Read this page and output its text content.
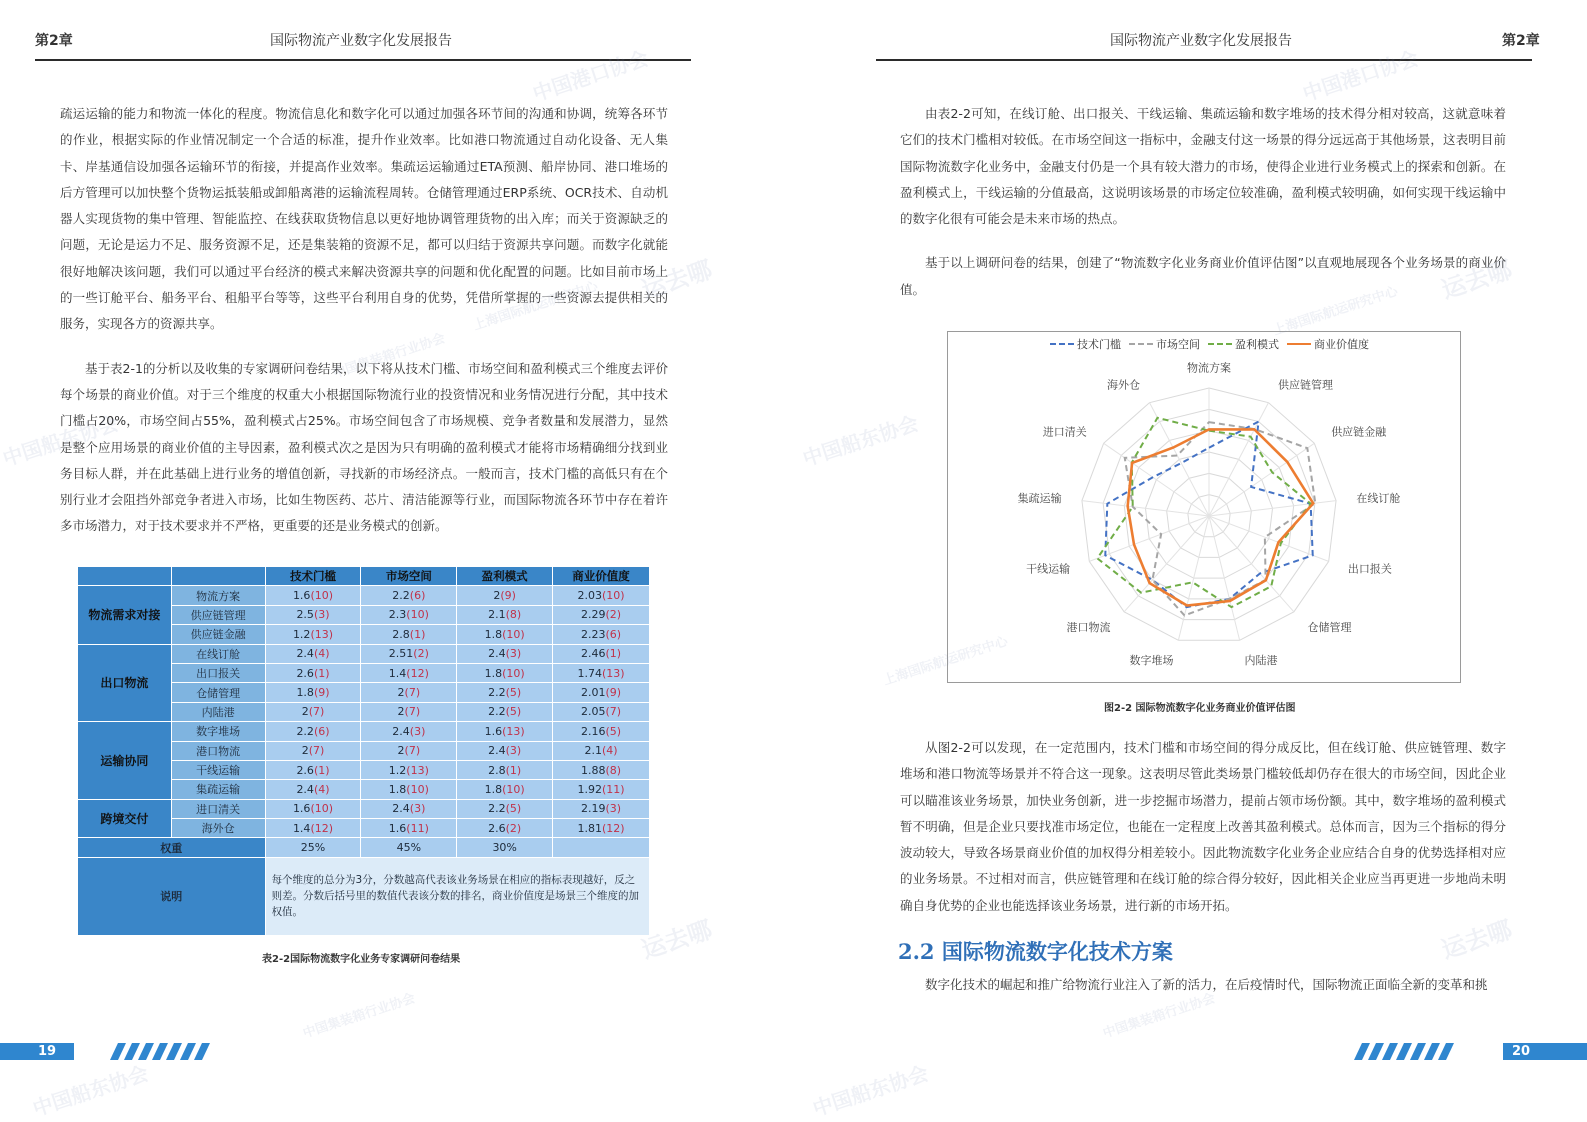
第2章	国际物流产业数字化发展报告

疏运运输的能力和物流一体化的程度。物流信息化和数字化可以通过加强各环节间的沟通和协调，统筹各环节的作业，根据实际的作业情况制定一个合适的标准，提升作业效率。比如港口物流通过自动化设备、无人集卡、岸基通信设加强各运输环节的衔接，并提高作业效率。集疏运运输通过ETA预测、船岸协同、港口堆场的后方管理可以加快整个货物运抵装船或卸船离港的运输流程周转。仓储管理通过ERP系统、OCR技术、自动机器人实现货物的集中管理、智能监控、在线获取货物信息以更好地协调管理货物的出入库；而关于资源缺乏的问题，无论是运力不足、服务资源不足，还是集装箱的资源不足，都可以归结于资源共享问题。而数字化就能很好地解决该问题，我们可以通过平台经济的模式来解决资源共享的问题和优化配置的问题。比如目前市场上的一些订舱平台、船务平台、租船平台等等，这些平台利用自身的优势，凭借所掌握的一些资源去提供相关的服务，实现各方的资源共享。

基于表2-1的分析以及收集的专家调研问卷结果，以下将从技术门槛、市场空间和盈利模式三个维度去评价每个场景的商业价值。对于三个维度的权重大小根据国际物流行业的投资情况和业务情况进行分配，其中技术门槛占20%，市场空间占55%，盈利模式占25%。市场空间包含了市场规模、竞争者数量和发展潜力，显然是整个应用场景的商业价值的主导因素，盈利模式次之是因为只有明确的盈利模式才能将市场精确细分找到业务目标人群，并在此基础上进行业务的增值创新，寻找新的市场经济点。一般而言，技术门槛的高低只有在个别行业才会阻挡外部竞争者进入市场，比如生物医药、芯片、清洁能源等行业，而国际物流各环节中存在着许多市场潜力，对于技术要求并不严格，更重要的还是业务模式的创新。

		技术门槛	市场空间	盈利模式	商业价值度
物流需求对接	物流方案	1.6(10)	2.2(6)	2(9)	2.03(10)
	供应链管理	2.5(3)	2.3(10)	2.1(8)	2.29(2)
	供应链金融	1.2(13)	2.8(1)	1.8(10)	2.23(6)
出口物流	在线订舱	2.4(4)	2.51(2)	2.4(3)	2.46(1)
	出口报关	2.6(1)	1.4(12)	1.8(10)	1.74(13)
	仓储管理	1.8(9)	2(7)	2.2(5)	2.01(9)
	内陆港	2(7)	2(7)	2.2(5)	2.05(7)
运输协同	数字堆场	2.2(6)	2.4(3)	1.6(13)	2.16(5)
	港口物流	2(7)	2(7)	2.4(3)	2.1(4)
	干线运输	2.6(1)	1.2(13)	2.8(1)	1.88(8)
	集疏运输	2.4(4)	1.8(10)	1.8(10)	1.92(11)
跨境交付	进口清关	1.6(10)	2.4(3)	2.2(5)	2.19(3)
	海外仓	1.4(12)	1.6(11)	2.6(2)	1.81(12)
权重		25%	45%	30%	
说明		每个维度的总分为3分，分数越高代表该业务场景在相应的指标表现越好，反之则差。分数后括号里的数值代表该分数的排名，商业价值度是场景三个维度的加权值。			
表2-2国际物流数字化业务专家调研问卷结果
19
国际物流产业数字化发展报告	第2章

由表2-2可知，在线订舱、出口报关、干线运输、集疏运输和数字堆场的技术得分相对较高，这就意味着它们的技术门槛相对较低。在市场空间这一指标中，金融支付这一场景的得分远远高于其他场景，这表明目前国际物流数字化业务中，金融支付仍是一个具有较大潜力的市场，使得企业进行业务模式上的探索和创新。在盈利模式上，干线运输的分值最高，这说明该场景的市场定位较准确，盈利模式较明确，如何实现干线运输中的数字化很有可能会是未来市场的热点。

基于以上调研问卷的结果，创建了“物流数字化业务商业价值评估图”以直观地展现各个业务场景的商业价值。

图2-2 国际物流数字化业务商业价值评估图

从图2-2可以发现，在一定范围内，技术门槛和市场空间的得分成反比，但在线订舱、供应链管理、数字堆场和港口物流等场景并不符合这一现象。这表明尽管此类场景门槛较低却仍存在很大的市场空间，因此企业可以瞄准该业务场景，加快业务创新，进一步挖掘市场潜力，提前占领市场份额。其中，数字堆场的盈利模式暂不明确，但是企业只要找准市场定位，也能在一定程度上改善其盈利模式。总体而言，因为三个指标的得分波动较大，导致各场景商业价值的加权得分相差较小。因此物流数字化业务企业应结合自身的优势选择相对应的业务场景。不过相对而言，供应链管理和在线订舱的综合得分较好，因此相关企业应当再更进一步地尚未明确自身优势的企业也能选择该业务场景，进行新的市场开拓。

数字化技术的崛起和推广给物流行业注入了新的活力，在后疫情时代，国际物流正面临全新的变革和挑

20
2.2 国际物流数字化技术方案
技术门槛	市场空间	盈利模式	商业价值度
物流方案
供应链管理
供应链金融
在线订舱
出口报关
仓储管理
内陆港
数字堆场
港口物流
干线运输
集疏运输
进口清关
海外仓
中国船东协会
中国港口协会
上海国际航运研究中心
中国集装箱行业协会
运去哪
中国船东协会
中国港口协会
上海国际航运研究中心
上海国际航运研究中心
运去哪
运去哪	运去哪
中国船东协会	中国船东协会
中国集装箱行业协会	中国集装箱行业协会
